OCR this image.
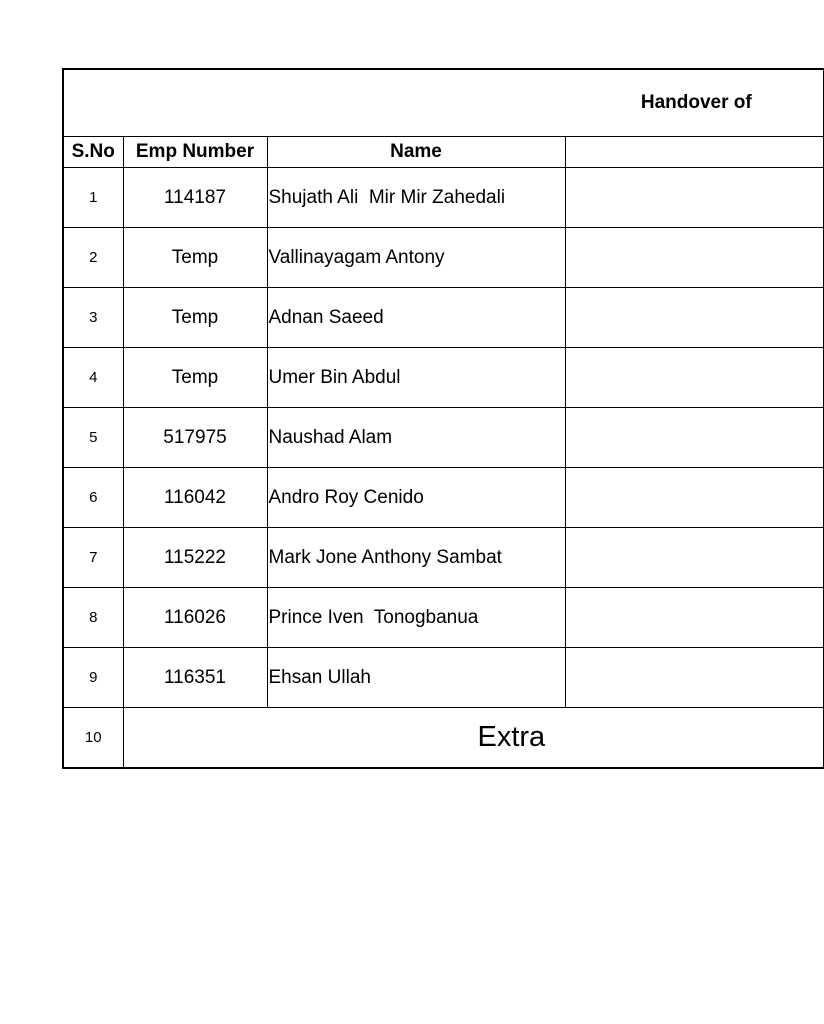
Handover of			
S.No	Emp Number	Name	
1	114187	Shujath Ali  Mir Mir Zahedali	
2	Temp	Vallinayagam Antony	
3	Temp	Adnan Saeed	
4	Temp	Umer Bin Abdul	
5	517975	Naushad Alam	
6	116042	Andro Roy Cenido	
7	115222	Mark Jone Anthony Sambat	
8	116026	Prince Iven  Tonogbanua	
9	116351	Ehsan Ullah	
10	Extra		
